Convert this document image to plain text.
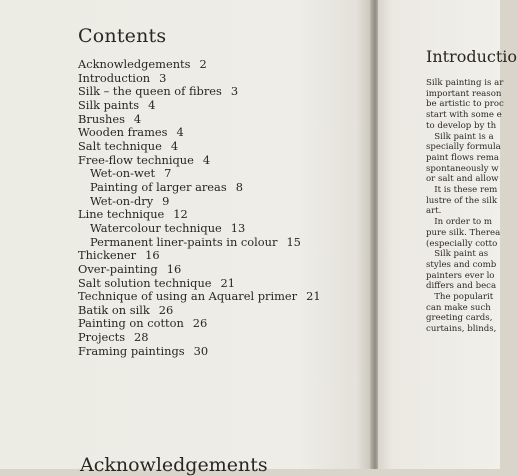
Contents
Acknowledgements 2
Introduction 3
Silk – the queen of fibres 3
Silk paints 4
Brushes 4
Wooden frames 4
Salt technique 4
Free-flow technique 4
Wet-on-wet 7
Painting of larger areas 8
Wet-on-dry 9
Line technique 12
Watercolour technique 13
Permanent liner-paints in colour 15
Thickener 16
Over-painting 16
Salt solution technique 21
Technique of using an Aquarel primer 21
Batik on silk 26
Painting on cotton 26
Projects 28
Framing paintings 30
Acknowledgements
Introductio
Silk painting is ar
important reason
be artistic to proc
start with some e
to develop by th
Silk paint is a
specially formula
paint flows rema
spontaneously w
or salt and allow
It is these rem
lustre of the silk
art.
In order to m
pure silk. Therea
(especially cotto
Silk paint as
styles and comb
painters ever lo
differs and beca
The popularit
can make such
greeting cards,
curtains, blinds,
